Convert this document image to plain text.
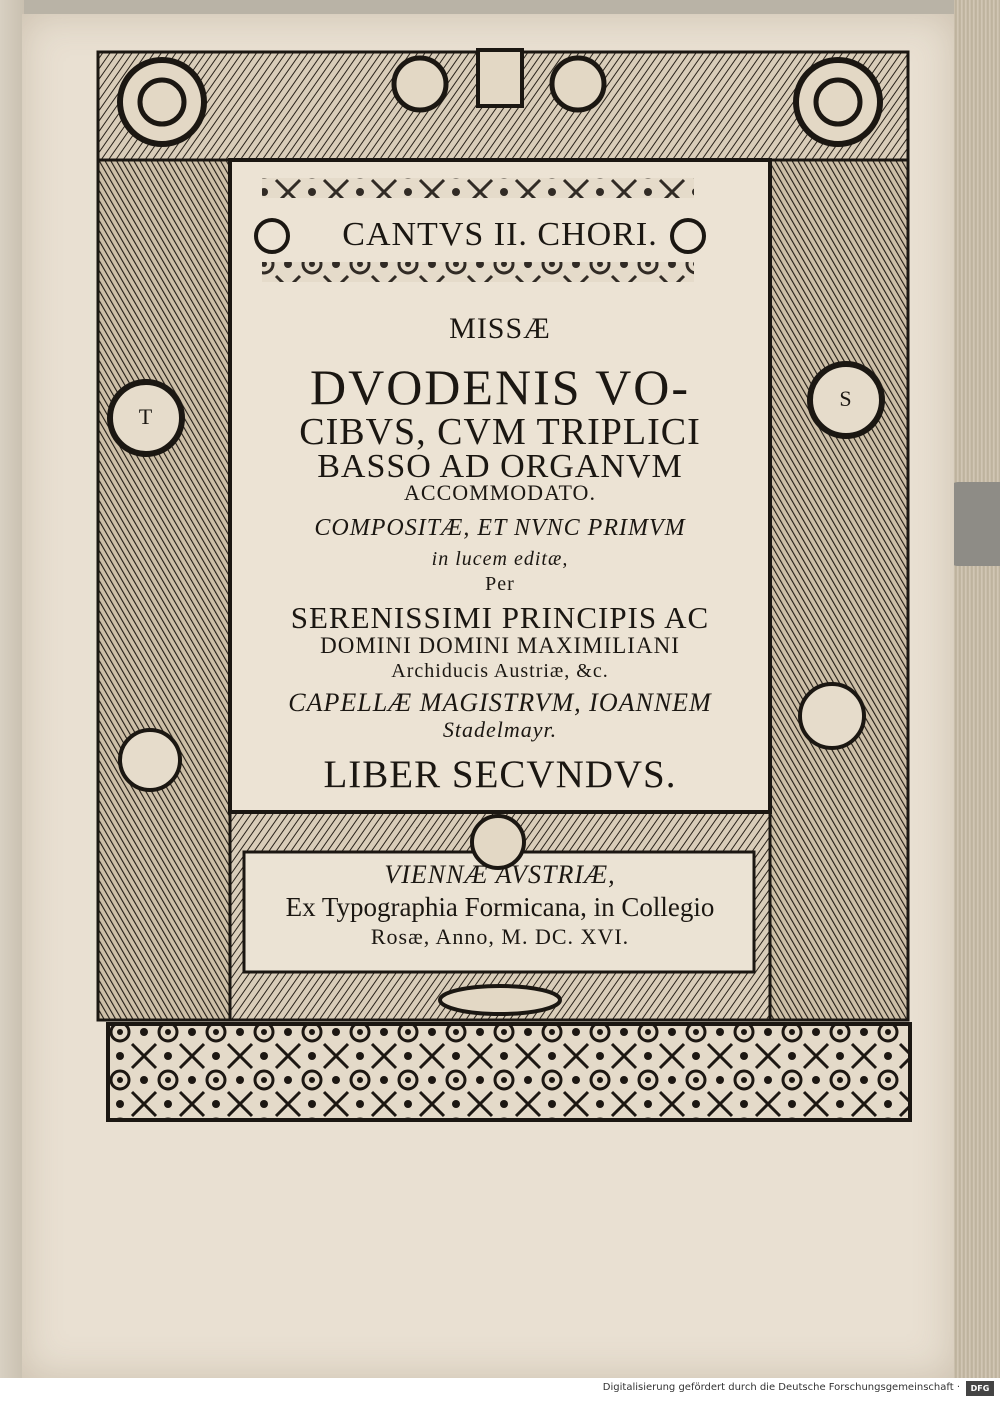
T
S
CANTVS II. CHORI.
MISSÆ
DVODENIS VO-
CIBVS, CVM TRIPLICI
BASSO AD ORGANVM
ACCOMMODATO.
COMPOSITÆ, ET NVNC PRIMVM
in lucem editæ,
Per
SERENISSIMI PRINCIPIS AC
DOMINI DOMINI MAXIMILIANI
Archiducis Austriæ, &c.
CAPELLÆ MAGISTRVM, IOANNEM
Stadelmayr.
LIBER SECVNDVS.
VIENNÆ AVSTRIÆ,
Ex Typographia Formicana, in Collegio
Rosæ, Anno, M. DC. XVI.
Digitalisierung gefördert durch die Deutsche Forschungsgemeinschaft ·	DFG
